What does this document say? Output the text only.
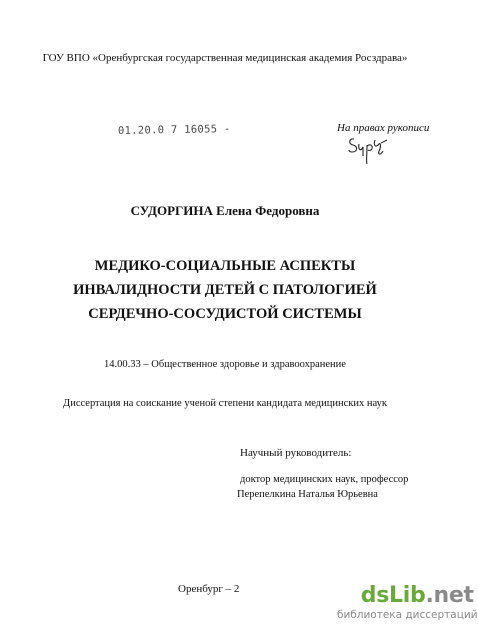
ГОУ ВПО «Оренбургская государственная медицинская академия Росздрава»
01.20.0 7 16055 -	На правах рукописи
СУДОРГИНА Елена Федоровна
МЕДИКО-СОЦИАЛЬНЫЕ АСПЕКТЫ
ИНВАЛИДНОСТИ ДЕТЕЙ С ПАТОЛОГИЕЙ
СЕРДЕЧНО-СОСУДИСТОЙ СИСТЕМЫ
14.00.33 – Общественное здоровье и здравоохранение
Диссертация на соискание ученой степени кандидата медицинских наук
Научный руководитель:
доктор медицинских наук, профессор
Перепелкина Наталья Юрьевна
Оренбург – 2	dsLib.net
библиотека диссертаций
